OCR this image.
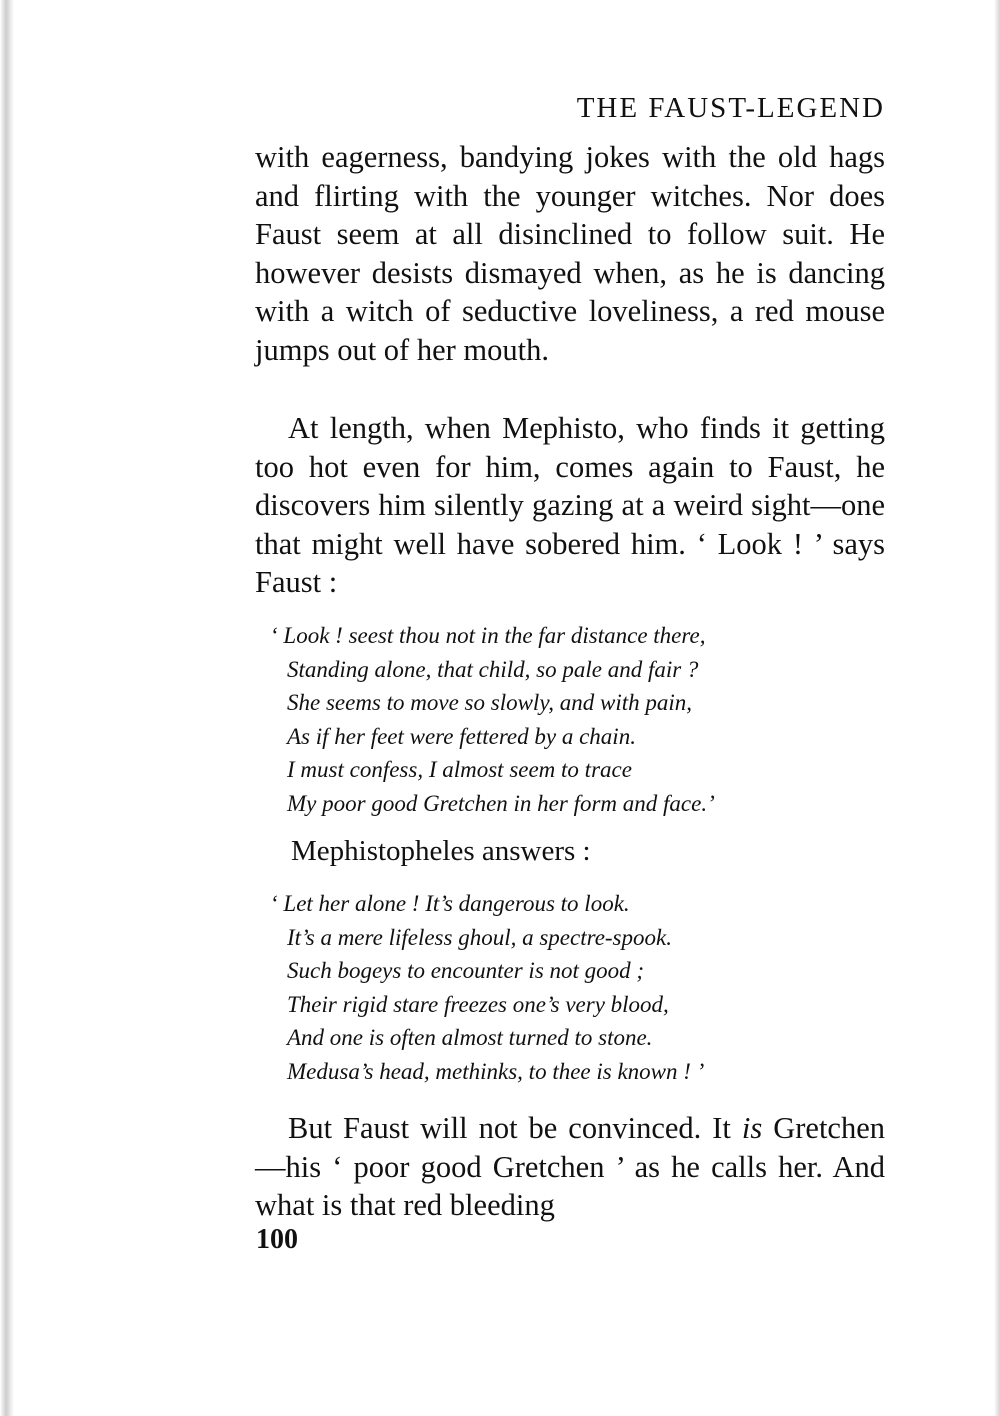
THE FAUST-LEGEND

with eagerness, bandying jokes with the old hags and flirting with the younger witches. Nor does Faust seem at all disinclined to follow suit. He however desists dismayed when, as he is dancing with a witch of seductive loveliness, a red mouse jumps out of her mouth.

At length, when Mephisto, who finds it getting too hot even for him, comes again to Faust, he discovers him silently gazing at a weird sight—one that might well have sobered him. ‘ Look ! ’ says Faust :

‘ Look ! seest thou not in the far distance there,
Standing alone, that child, so pale and fair ?
She seems to move so slowly, and with pain,
As if her feet were fettered by a chain.
I must confess, I almost seem to trace
My poor good Gretchen in her form and face.’

Mephistopheles answers :

‘ Let her alone ! It’s dangerous to look.
It’s a mere lifeless ghoul, a spectre-spook.
Such bogeys to encounter is not good ;
Their rigid stare freezes one’s very blood,
And one is often almost turned to stone.
Medusa’s head, methinks, to thee is known ! ’

But Faust will not be convinced. It is Gretchen—his ‘ poor good Gretchen ’ as he calls her. And what is that red bleeding

100
